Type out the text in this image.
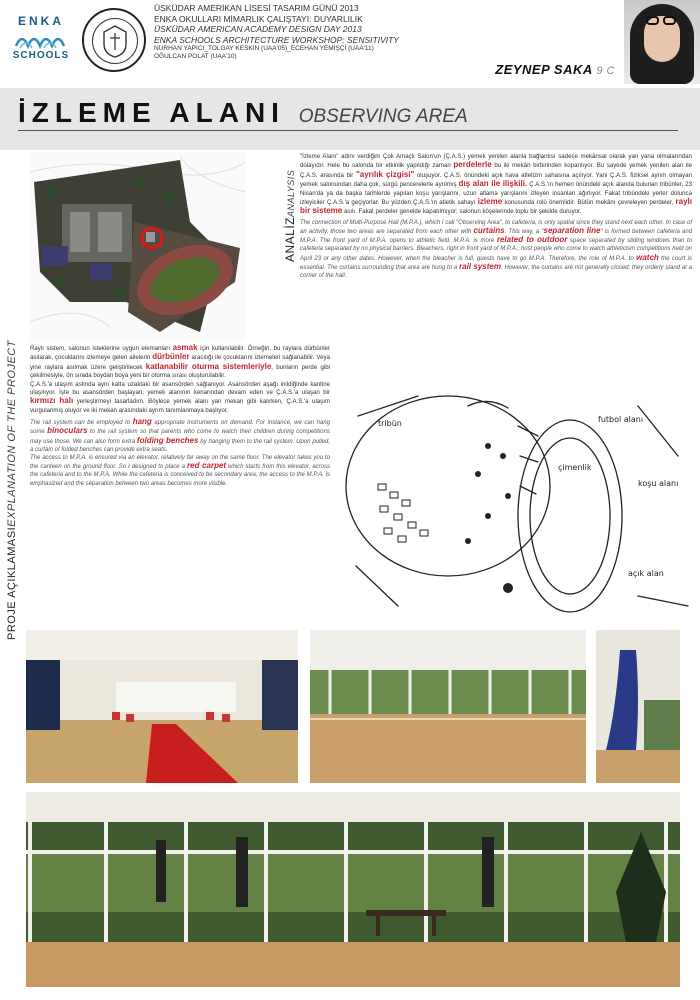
ENKA
SCHOOLS
ÜSKÜDAR AMERİKAN LİSESİ TASARIM GÜNÜ 2013
ENKA OKULLARI MİMARLIK ÇALIŞTAYI: DUYARLILIK
ÜSKÜDAR AMERICAN ACADEMY DESIGN DAY 2013
ENKA SCHOOLS ARCHITECTURE WORKSHOP: SENSITIVITY
NURHAN YAPICI_TOLGAY KESKİN (UAA'05)_ECEHAN YEMİŞÇİ (UAA'11)
OĞULCAN POLAT (UAA'10)
ZEYNEP SAKA 9 C
İZLEME ALANI OBSERVING AREA
PROJE AÇIKLAMASIEXPLANATION OF THE PROJECT
ANALİZANALYSIS
"İzleme Alanı" adını verdiğim Çok Amaçlı Salon'un (Ç.A.S.) yemek yenilen alanla bağlantısı sadece mekânsal olarak yan yana olmalarından dolayıdır. Hele bu salonda bir etkinlik yapıldığı zaman perdelerle bu iki mekân birbirinden koparılıyor. Bu sayede yemek yenilen alan ile Ç.A.S. arasında bir "ayrılık çizgisi" oluşuyor. Ç.A.S. önündeki açık hava atletizm sahasına açılıyor. Yani Ç.A.S. fiziksel ayrım olmayan yemek salonundan daha çok, sürgü pencerelerle ayrılmış dış alan ile ilişkili. Ç.A.S.'ın hemen önündeki açık alanda bulunan tribünler, 23 Nisan'da ya da başka tarihlerde yapılan koşu yarışlarını, uzun atlama yarışlarını izleyen insanları ağırlıyor. Fakat tribündeki yerler dolunca izleyiciler Ç.A.S.'a geçiyorlar. Bu yüzden Ç.A.S.'ın atletik sahayı izleme konusunda rolü önemlidir. Bütün mekânı çevreleyen perdeler, raylı bir sisteme asılı. Fakat perdeler genelde kapatılmıyor; salonun köşelerinde toplu bir şekilde duruyor.
The connection of Multi-Purpose Hall (M.P.A.), which I call "Observing Area", to cafeteria, is only spatial since they stand next each other. In case of an activity, those two areas are separated from each other with curtains. This way, a "separation line" is formed between cafeteria and M.P.A. The front yard of M.P.A. opens to athletic field. M.P.A. is more related to outdoor space separated by sliding windows than to cafeteria separated by no physical barriers. Bleachers, right in front yard of M.P.A., host people who come to watch athleticism competitions held on April 23 or any other dates. However, when the bleacher is full, guests have to go M.P.A. Therefore, the role of M.P.A. to watch the court is essential. The curtains surrounding that area are hung to a rail system. However, the curtains are not generally closed; they orderly stand at a corner of the hall.
Raylı sistem, salonun isteklerine uygun elemanları asmak için kullanılabilir. Örneğin, bu raylara dürbünler asılarak, çocuklarını izlemeye gelen ailelerin dürbünler aracılığı ile çocuklarını izlemeleri sağlanabilir. Veya yine raylara asılmak üzere geliştirilecek katlanabilir oturma sistemleriyle, bunların perde gibi çekilmesiyle, ön sırada boydan boya yeni bir oturma sırası oluşturulabilir.
Ç.A.S.'a ulaşım aslında aynı katta uzaktaki bir asansörden sağlanıyor. Asansörden aşağı inildiğinde kantine ulaşılıyor. İşte bu asansörden başlayan, yemek alanının kenarından devam eden ve Ç.A.S.'a ulaşan bir kırmızı halı yerleştirmeyi tasarladım. Böylece yemek alanı yan mekan gibi kalırken, Ç.A.S.'a ulaşım vurgulanmış oluyor ve iki mekan arasındaki ayrım tanımlanmaya başlıyor.
The rail system can be employed to hang appropriate instruments on demand. For instance, we can hang some binoculars to the rail system so that parents who come to watch their children during competitions may use those. We can also form extra folding benches by hanging them to the rail system. Upon pulled, a curtain of folded benches can provide extra seats.
The access to M.P.A. is ensured via an elevator, relatively far away on the same floor. The elevator takes you to the canteen on the ground floor. So I designed to place a red carpet which starts from this elevator, across the cafeteria and to the M.P.A. While the cafeteria is conceived to be secondary area, the access to the M.P.A. is emphasized and the separation between two areas becomes more visible.
futbol alanı
koşu alanı
çimenlik
açık alan
tribün
